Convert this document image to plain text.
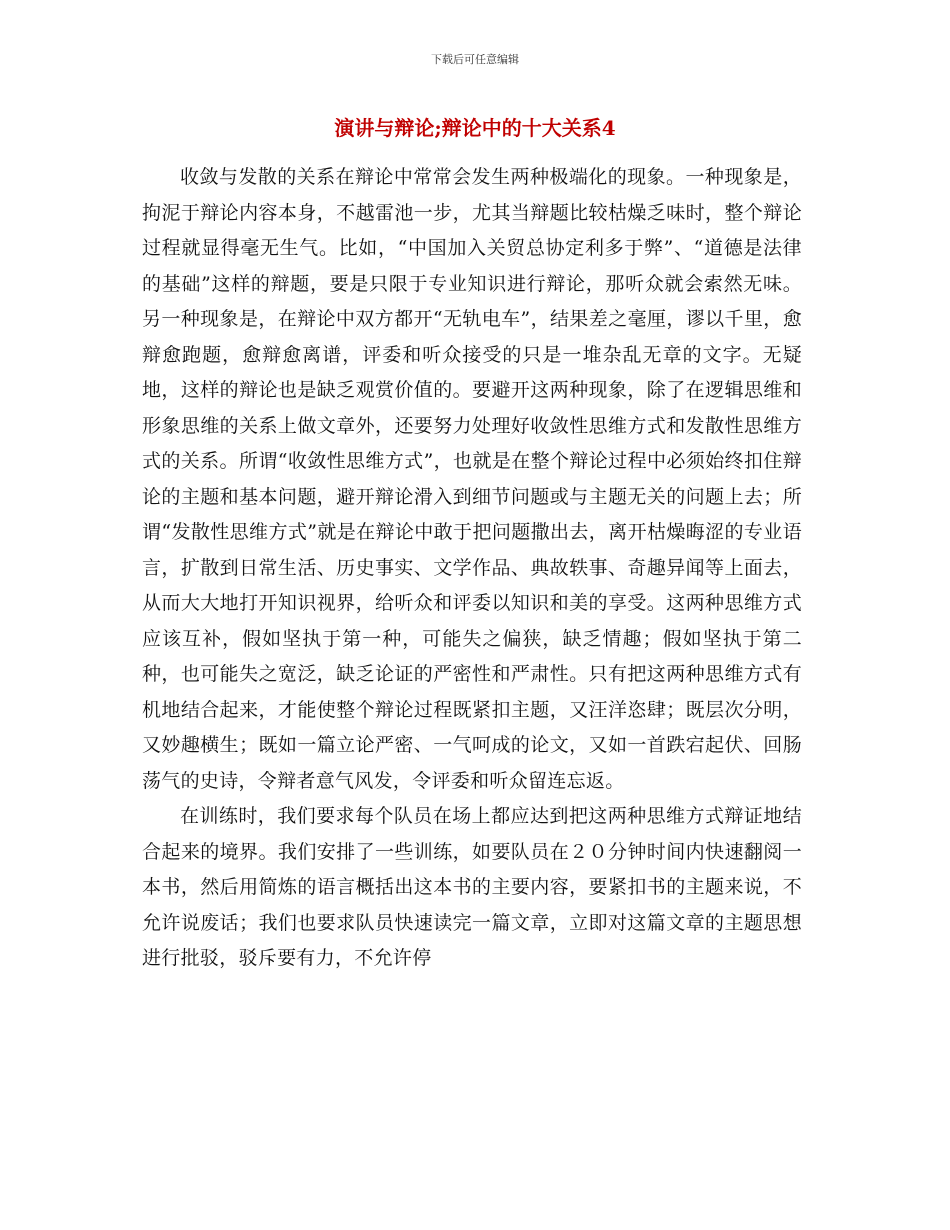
下载后可任意编辑
演讲与辩论;辩论中的十大关系4

收敛与发散的关系在辩论中常常会发生两种极端化的现象。一种现象是，拘泥于辩论内容本身，不越雷池一步，尤其当辩题比较枯燥乏味时，整个辩论过程就显得毫无生气。比如，“中国加入关贸总协定利多于弊”、“道德是法律的基础”这样的辩题，要是只限于专业知识进行辩论，那听众就会索然无味。另一种现象是，在辩论中双方都开“无轨电车”，结果差之毫厘，谬以千里，愈辩愈跑题，愈辩愈离谱，评委和听众接受的只是一堆杂乱无章的文字。无疑地，这样的辩论也是缺乏观赏价值的。要避开这两种现象，除了在逻辑思维和形象思维的关系上做文章外，还要努力处理好收敛性思维方式和发散性思维方式的关系。所谓“收敛性思维方式”，也就是在整个辩论过程中必须始终扣住辩论的主题和基本问题，避开辩论滑入到细节问题或与主题无关的问题上去；所谓“发散性思维方式”就是在辩论中敢于把问题撒出去，离开枯燥晦涩的专业语言，扩散到日常生活、历史事实、文学作品、典故轶事、奇趣异闻等上面去，从而大大地打开知识视界，给听众和评委以知识和美的享受。这两种思维方式应该互补，假如坚执于第一种，可能失之偏狭，缺乏情趣；假如坚执于第二种，也可能失之宽泛，缺乏论证的严密性和严肃性。只有把这两种思维方式有机地结合起来，才能使整个辩论过程既紧扣主题，又汪洋恣肆；既层次分明，又妙趣横生；既如一篇立论严密、一气呵成的论文，又如一首跌宕起伏、回肠荡气的史诗，令辩者意气风发，令评委和听众留连忘返。

在训练时，我们要求每个队员在场上都应达到把这两种思维方式辩证地结合起来的境界。我们安排了一些训练，如要队员在２０分钟时间内快速翻阅一本书，然后用简炼的语言概括出这本书的主要内容，要紧扣书的主题来说，不允许说废话；我们也要求队员快速读完一篇文章，立即对这篇文章的主题思想进行批驳，驳斥要有力，不允许停
